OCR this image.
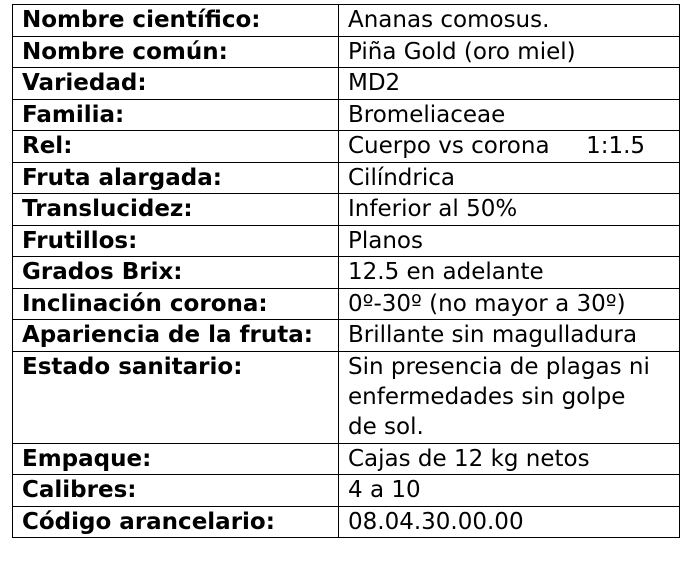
Nombre científico:	Ananas comosus.

Nombre común:	Piña Gold (oro miel)

Variedad:	MD2

Familia:	Bromeliaceae

Rel:	Cuerpo vs corona     1:1.5

Fruta alargada:	Cilíndrica

Translucidez:	Inferior al 50%

Frutillos:	Planos

Grados Brix:	12.5 en adelante

Inclinación corona:	0º-30º (no mayor a 30º)

Apariencia de la fruta:	Brillante sin magulladura

Estado sanitario:	Sin presencia de plagas ni
enfermedades sin golpe
de sol.

Empaque:	Cajas de 12 kg netos

Calibres:	4 a 10

Código arancelario:	08.04.30.00.00
